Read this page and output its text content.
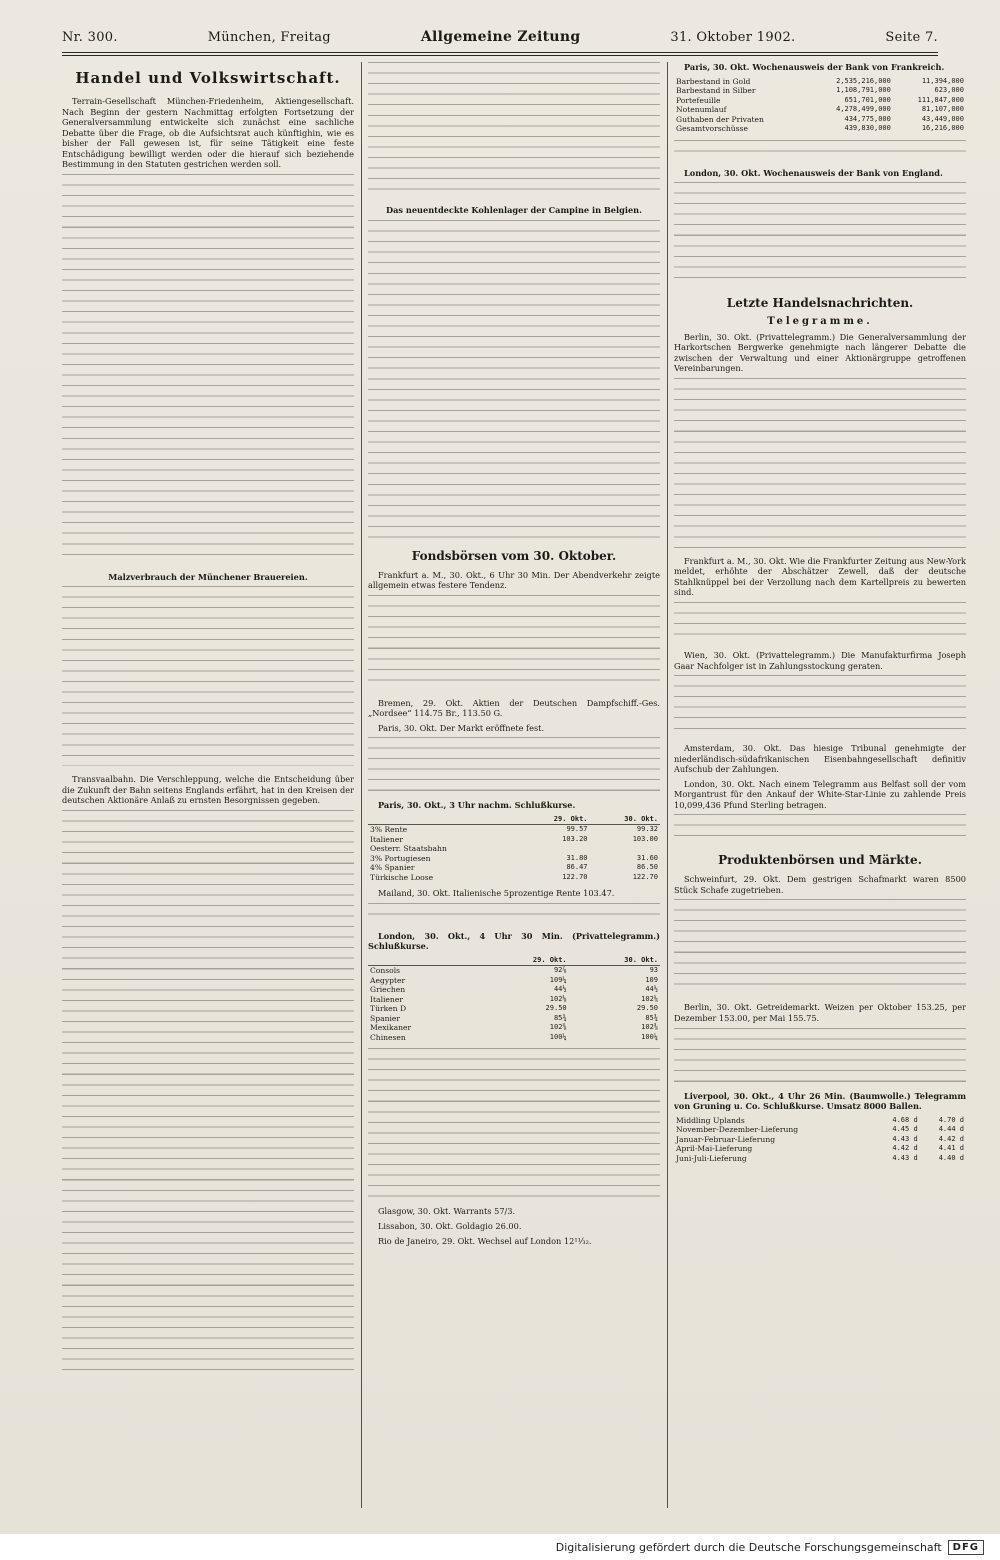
Nr. 300.	München, Freitag	Allgemeine Zeitung	31. Oktober 1902.	Seite 7.
Handel und Volkswirtschaft.

Terrain-Gesellschaft München-Friedenheim, Aktiengesellschaft. Nach Beginn der gestern Nachmittag erfolgten Fortsetzung der Generalversammlung entwickelte sich zunächst eine sachliche Debatte über die Frage, ob die Aufsichtsrat auch künftighin, wie es bisher der Fall gewesen ist, für seine Tätigkeit eine feste Entschädigung bewilligt werden oder die hierauf sich beziehende Bestimmung in den Statuten gestrichen werden soll.

Malzverbrauch der Münchener Brauereien.

Transvaalbahn. Die Verschleppung, welche die Entscheidung über die Zukunft der Bahn seitens Englands erfährt, hat in den Kreisen der deutschen Aktionäre Anlaß zu ernsten Besorgnissen gegeben.

Das neuentdeckte Kohlenlager der Campine in Belgien.

Fondsbörsen vom 30. Oktober.

Frankfurt a. M., 30. Okt., 6 Uhr 30 Min. Der Abendverkehr zeigte allgemein etwas festere Tendenz.

Bremen, 29. Okt. Aktien der Deutschen Dampfschiff.-Ges. „Nordsee“ 114.75 Br., 113.50 G.

Paris, 30. Okt. Der Markt eröffnete fest.

Paris, 30. Okt., 3 Uhr nachm. Schlußkurse.

	29. Okt.	30. Okt.
3% Rente	99.57	99.32
Italiener	103.20	103.00
Oesterr. Staatsbahn		
3% Portugiesen	31.80	31.60
4% Spanier	86.47	86.50
Türkische Loose	122.70	122.70

Mailand, 30. Okt. Italienische 5prozentige Rente 103.47.

London, 30. Okt., 4 Uhr 30 Min. (Privattelegramm.) Schlußkurse.

	29. Okt.	30. Okt.
Consols	92⅞	93
Aegypter	109¼	109
Griechen	44½	44½
Italiener	102⅛	102⅛
Türken D	29.50	29.50
Spanier	85¾	85¾
Mexikaner	102⅜	102⅜
Chinesen	100¼	100¼

Glasgow, 30. Okt. Warrants 57/3.

Lissabon, 30. Okt. Goldagio 26.00.

Rio de Janeiro, 29. Okt. Wechsel auf London 12¹¹⁄₃₂.

Paris, 30. Okt. Wochenausweis der Bank von Frankreich.

Barbestand in Gold	2,535,216,000	11,394,000
Barbestand in Silber	1,108,791,000	623,000
Portefeuille	651,701,000	111,847,000
Notenumlauf	4,278,499,000	81,107,000
Guthaben der Privaten	434,775,000	43,449,000
Gesamtvorschüsse	439,830,000	16,216,000

London, 30. Okt. Wochenausweis der Bank von England.

Letzte Handelsnachrichten.
Telegramme.

Berlin, 30. Okt. (Privattelegramm.) Die Generalversammlung der Harkortschen Bergwerke genehmigte nach längerer Debatte die zwischen der Verwaltung und einer Aktionärgruppe getroffenen Vereinbarungen.

Frankfurt a. M., 30. Okt. Wie die Frankfurter Zeitung aus New-York meldet, erhöhte der Abschätzer Zewell, daß der deutsche Stahlknüppel bei der Verzollung nach dem Kartellpreis zu bewerten sind.

Wien, 30. Okt. (Privattelegramm.) Die Manufakturfirma Joseph Gaar Nachfolger ist in Zahlungsstockung geraten.

Amsterdam, 30. Okt. Das hiesige Tribunal genehmigte der niederländisch-südafrikanischen Eisenbahngesellschaft definitiv Aufschub der Zahlungen.

London, 30. Okt. Nach einem Telegramm aus Belfast soll der vom Morgantrust für den Ankauf der White-Star-Linie zu zahlende Preis 10,099,436 Pfund Sterling betragen.

Produktenbörsen und Märkte.

Schweinfurt, 29. Okt. Dem gestrigen Schafmarkt waren 8500 Stück Schafe zugetrieben.

Berlin, 30. Okt. Getreidemarkt. Weizen per Oktober 153.25, per Dezember 153.00, per Mai 155.75.

Liverpool, 30. Okt., 4 Uhr 26 Min. (Baumwolle.) Telegramm von Gruning u. Co. Schlußkurse. Umsatz 8000 Ballen.

Middling Uplands	4.68 d	4.70 d
November-Dezember-Lieferung	4.45 d	4.44 d
Januar-Februar-Lieferung	4.43 d	4.42 d
April-Mai-Lieferung	4.42 d	4.41 d
Juni-Juli-Lieferung	4.43 d	4.40 d
Digitalisierung gefördert durch die Deutsche Forschungsgemeinschaft	DFG
